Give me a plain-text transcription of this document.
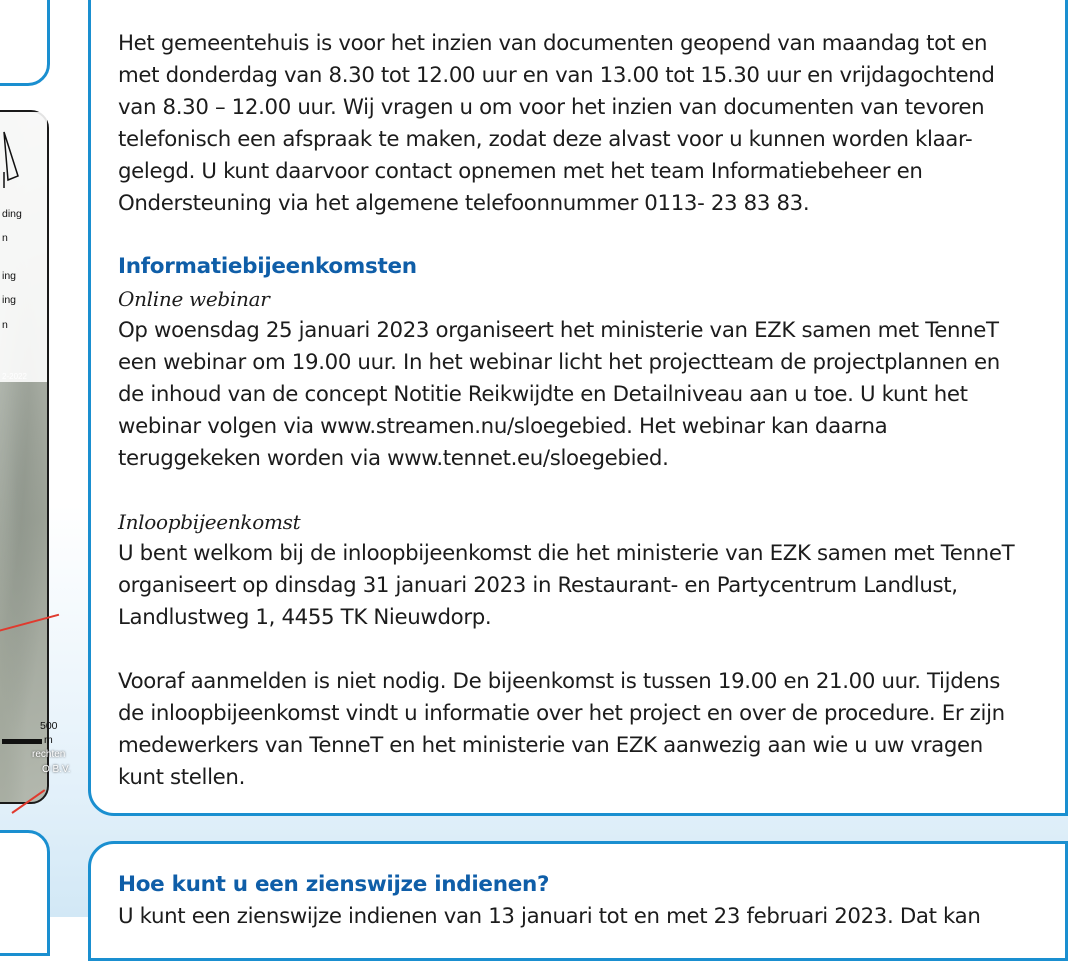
ding
n
ing
ing
n
2-2022
500
m
rechten
O B.V.

Het gemeentehuis is voor het inzien van documenten geopend van maandag tot en met donderdag van 8.30 tot 12.00 uur en van 13.00 tot 15.30 uur en vrijdagochtend van 8.30 – 12.00 uur. Wij vragen u om voor het inzien van documenten van tevoren telefonisch een afspraak te maken, zodat deze alvast voor u kunnen worden klaar-gelegd. U kunt daarvoor contact opnemen met het team Informatiebeheer en Ondersteuning via het algemene telefoonnummer 0113- 23 83 83.

Informatiebijeenkomsten
Online webinar

Op woensdag 25 januari 2023 organiseert het ministerie van EZK samen met TenneT een webinar om 19.00 uur. In het webinar licht het projectteam de projectplannen en de inhoud van de concept Notitie Reikwijdte en Detailniveau aan u toe. U kunt het webinar volgen via www.streamen.nu/sloegebied. Het webinar kan daarna teruggekeken worden via www.tennet.eu/sloegebied.

Inloopbijeenkomst

U bent welkom bij de inloopbijeenkomst die het ministerie van EZK samen met TenneT organiseert op dinsdag 31 januari 2023 in Restaurant- en Partycentrum Landlust, Landlustweg 1, 4455 TK Nieuwdorp.

Vooraf aanmelden is niet nodig. De bijeenkomst is tussen 19.00 en 21.00 uur. Tijdens de inloopbijeenkomst vindt u informatie over het project en over de procedure. Er zijn medewerkers van TenneT en het ministerie van EZK aanwezig aan wie u uw vragen kunt stellen.

Hoe kunt u een zienswijze indienen?

U kunt een zienswijze indienen van 13 januari tot en met 23 februari 2023. Dat kan
